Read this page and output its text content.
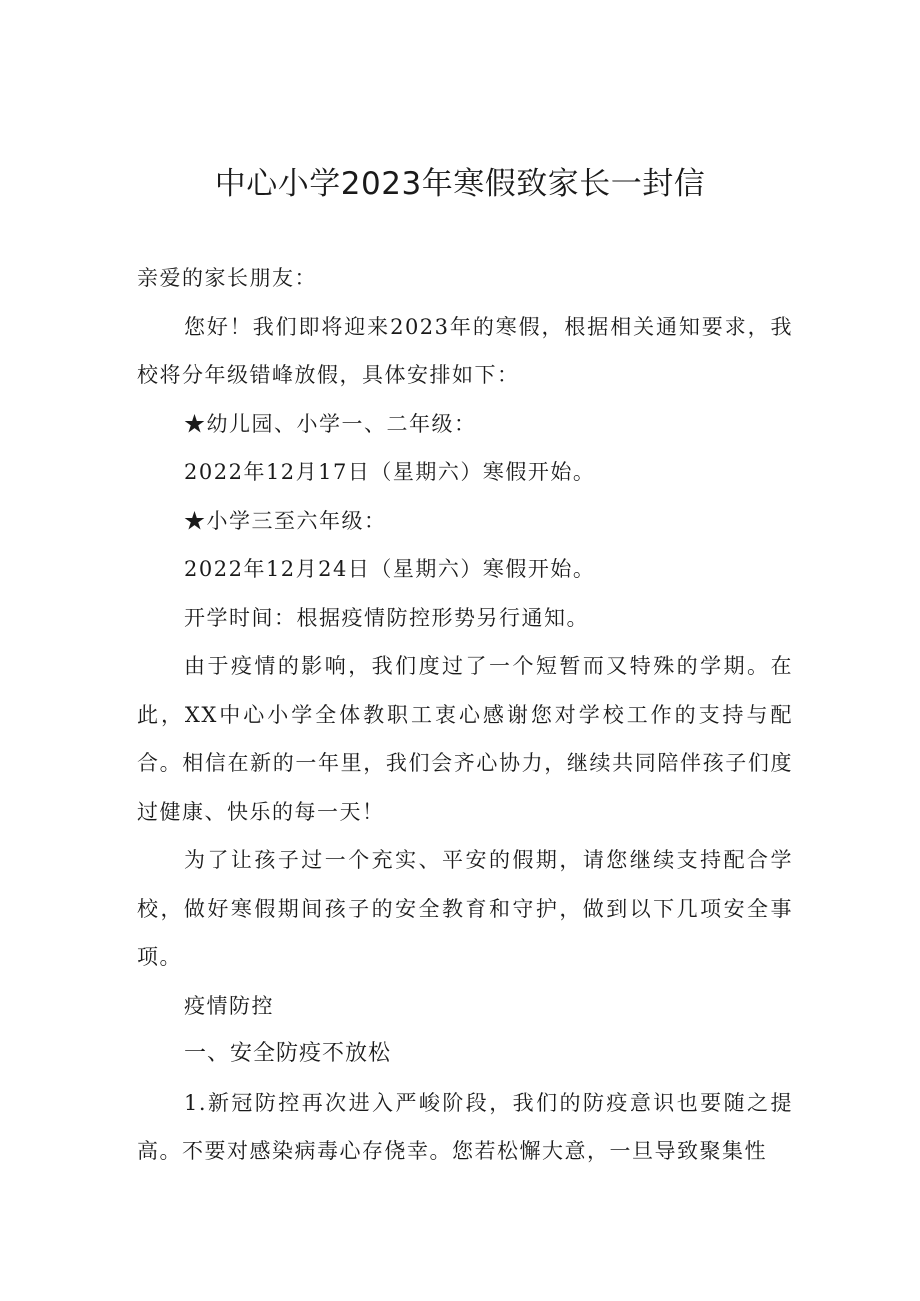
中心小学2023年寒假致家长一封信

亲爱的家长朋友：

您好！我们即将迎来2023年的寒假，根据相关通知要求，我校将分年级错峰放假，具体安排如下：

★幼儿园、小学一、二年级：

2022年12月17日（星期六）寒假开始。

★小学三至六年级：

2022年12月24日（星期六）寒假开始。

开学时间：根据疫情防控形势另行通知。

由于疫情的影响，我们度过了一个短暂而又特殊的学期。在此，XX中心小学全体教职工衷心感谢您对学校工作的支持与配合。相信在新的一年里，我们会齐心协力，继续共同陪伴孩子们度过健康、快乐的每一天！

为了让孩子过一个充实、平安的假期，请您继续支持配合学校，做好寒假期间孩子的安全教育和守护，做到以下几项安全事项。

疫情防控

一、安全防疫不放松

1.新冠防控再次进入严峻阶段，我们的防疫意识也要随之提高。不要对感染病毒心存侥幸。您若松懈大意，一旦导致聚集性
